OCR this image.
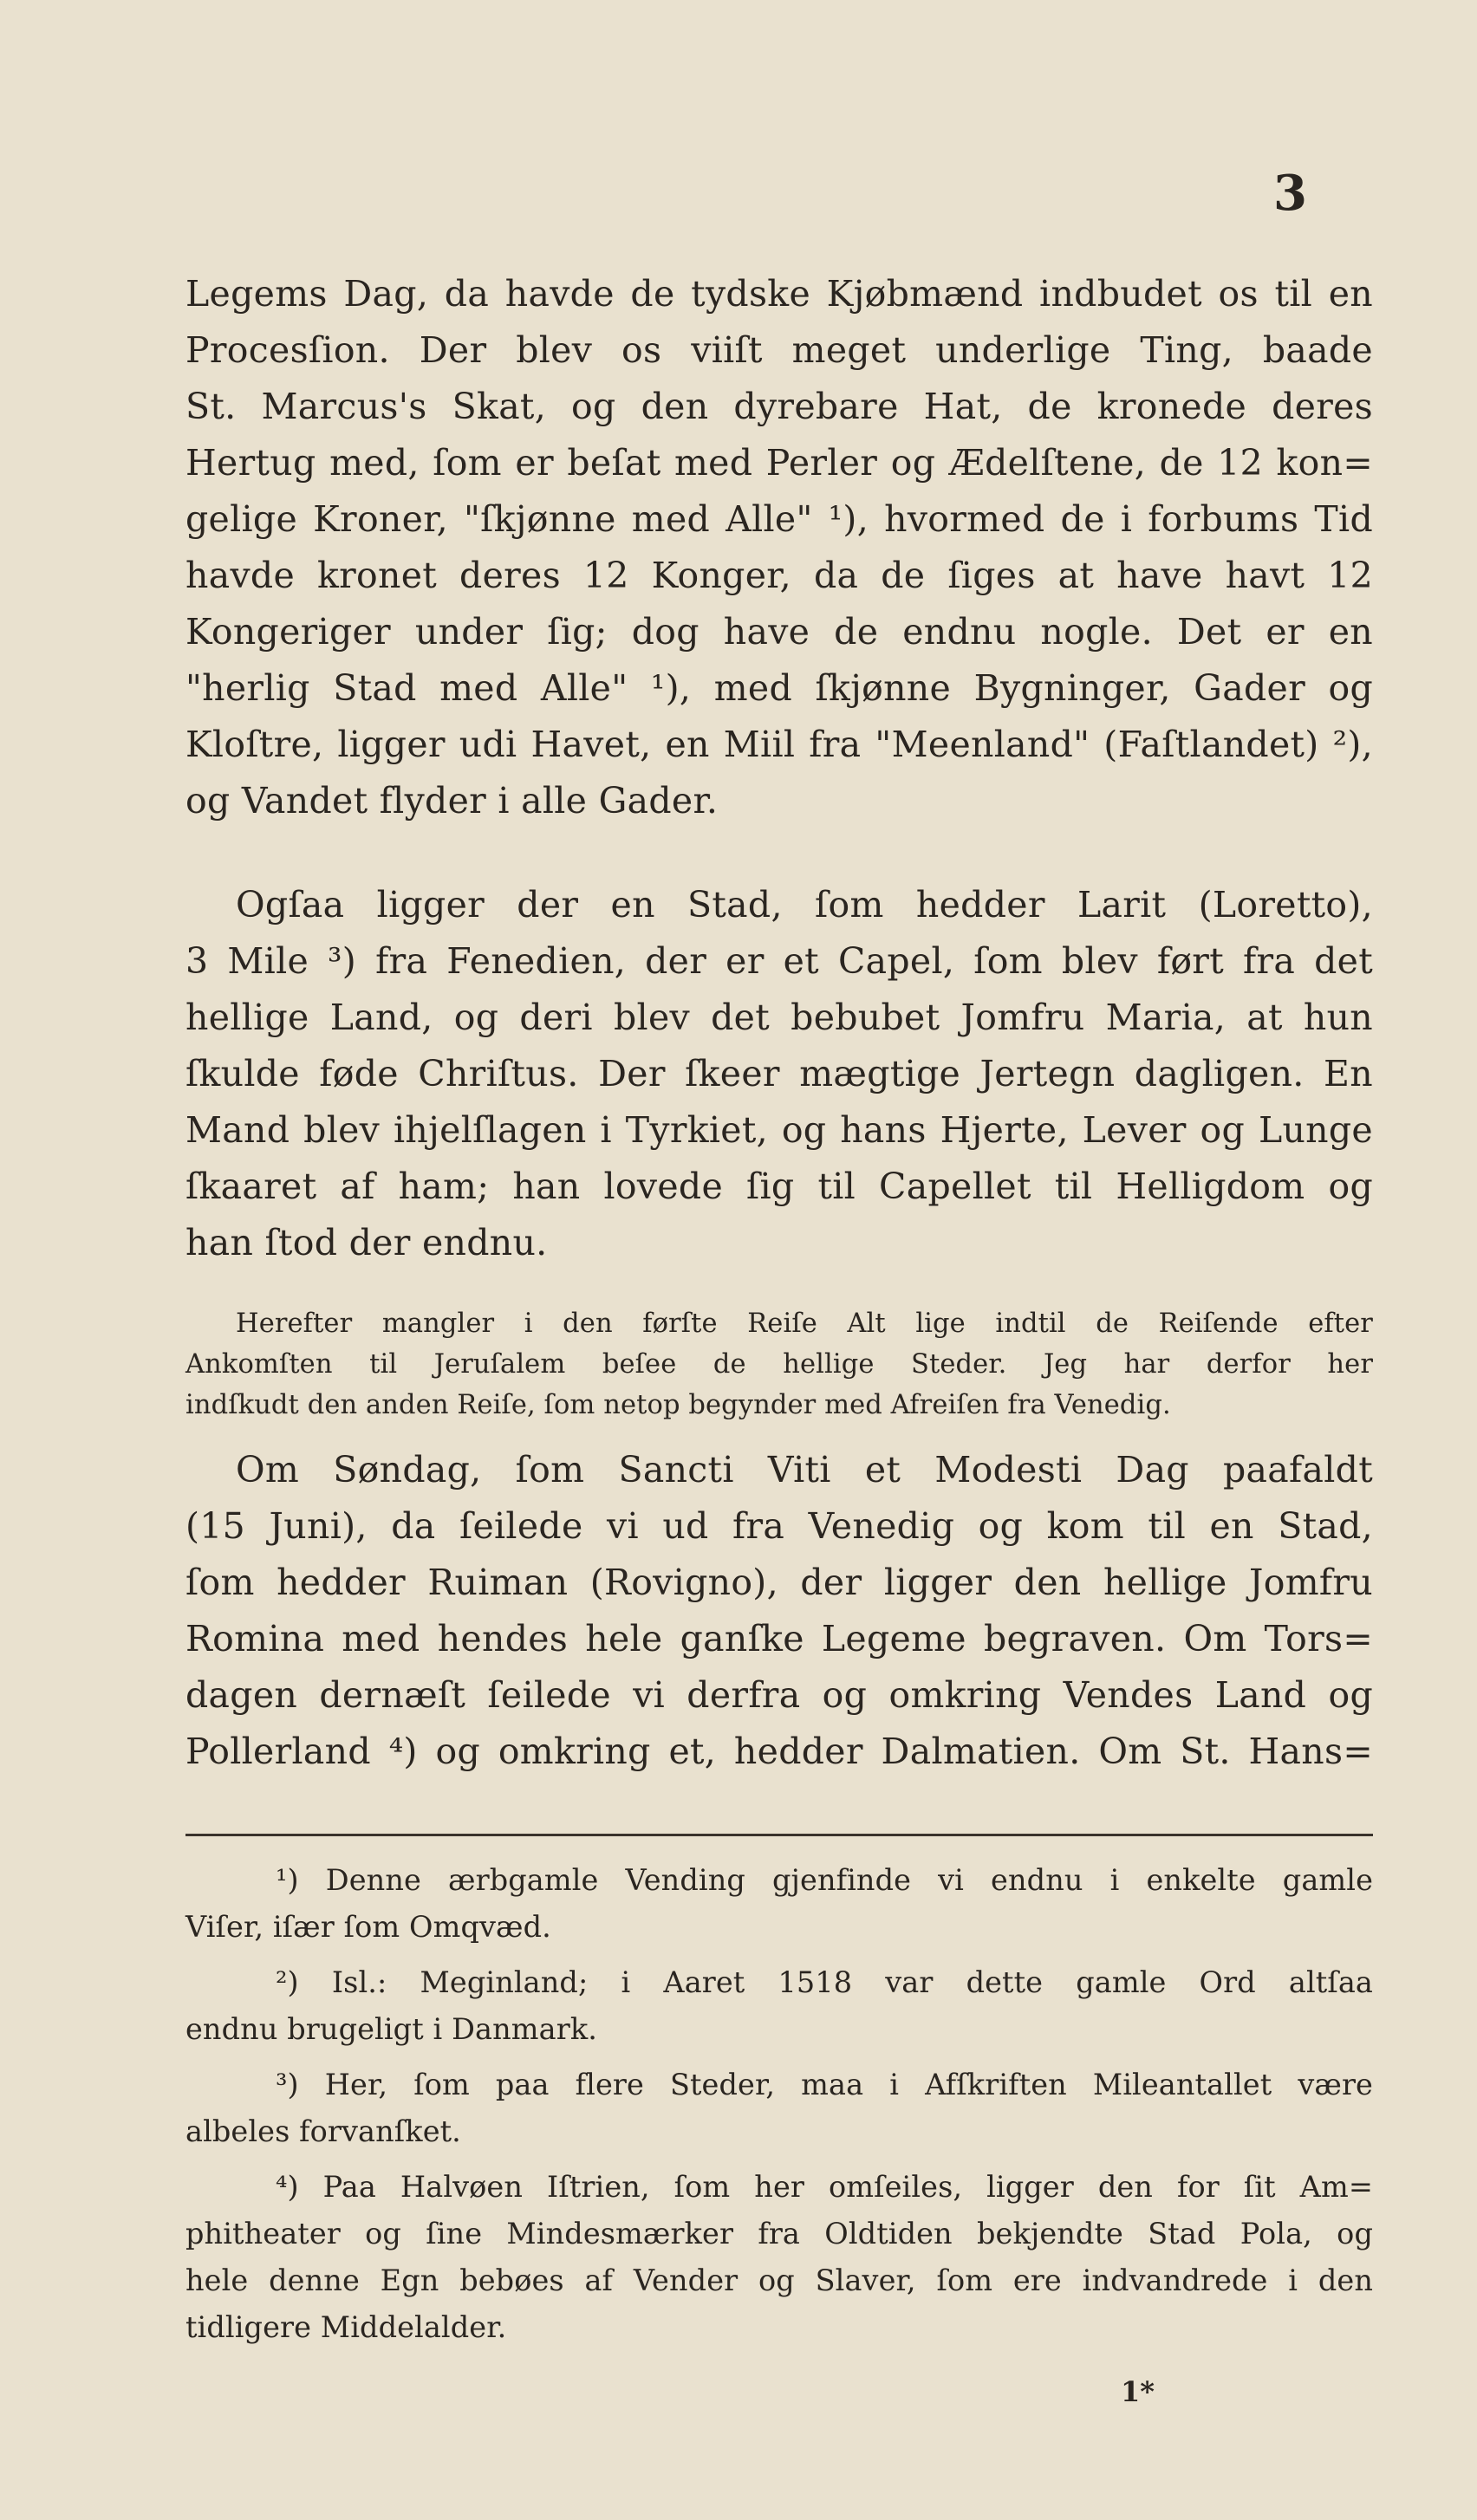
3
Legems Dag, da havde de tydske Kjøbmænd indbudet os til en
Procesſion. Der blev os viiſt meget underlige Ting, baade
St. Marcus's Skat, og den dyrebare Hat, de kronede deres
Hertug med, ſom er beſat med Perler og Ædelſtene, de 12 kon=
gelige Kroner, "ſkjønne med Alle" ¹), hvormed de i forbums Tid
havde kronet deres 12 Konger, da de ſiges at have havt 12
Kongeriger under ſig; dog have de endnu nogle. Det er en
"herlig Stad med Alle" ¹), med ſkjønne Bygninger, Gader og
Kloſtre, ligger udi Havet, en Miil fra "Meenland" (Faſtlandet) ²),
og Vandet flyder i alle Gader.
Ogſaa ligger der en Stad, ſom hedder Larit (Loretto),
3 Mile ³) fra Fenedien, der er et Capel, ſom blev ført fra det
hellige Land, og deri blev det bebubet Jomfru Maria, at hun
ſkulde føde Chriſtus. Der ſkeer mægtige Jertegn dagligen. En
Mand blev ihjelſlagen i Tyrkiet, og hans Hjerte, Lever og Lunge
ſkaaret af ham; han lovede ſig til Capellet til Helligdom og
han ſtod der endnu.
Herefter mangler i den førſte Reiſe Alt lige indtil de Reiſende efter
Ankomſten til Jeruſalem beſee de hellige Steder. Jeg har derfor her
indſkudt den anden Reiſe, ſom netop begynder med Afreiſen fra Venedig.
Om Søndag, ſom Sancti Viti et Modesti Dag paafaldt
(15 Juni), da ſeilede vi ud fra Venedig og kom til en Stad,
ſom hedder Ruiman (Rovigno), der ligger den hellige Jomfru
Romina med hendes hele ganſke Legeme begraven. Om Tors=
dagen dernæſt ſeilede vi derfra og omkring Vendes Land og
Pollerland ⁴) og omkring et, hedder Dalmatien. Om St. Hans=
¹) Denne ærbgamle Vending gjenfinde vi endnu i enkelte gamle
Viſer, iſær ſom Omqvæd.
²) Isl.: Meginland; i Aaret 1518 var dette gamle Ord altſaa
endnu brugeligt i Danmark.
³) Her, ſom paa flere Steder, maa i Afſkriften Mileantallet være
albeles forvanſket.
⁴) Paa Halvøen Iſtrien, ſom her omſeiles, ligger den for ſit Am=
phitheater og ſine Mindesmærker fra Oldtiden bekjendte Stad Pola, og
hele denne Egn bebøes af Vender og Slaver, ſom ere indvandrede i den
tidligere Middelalder.
1*
